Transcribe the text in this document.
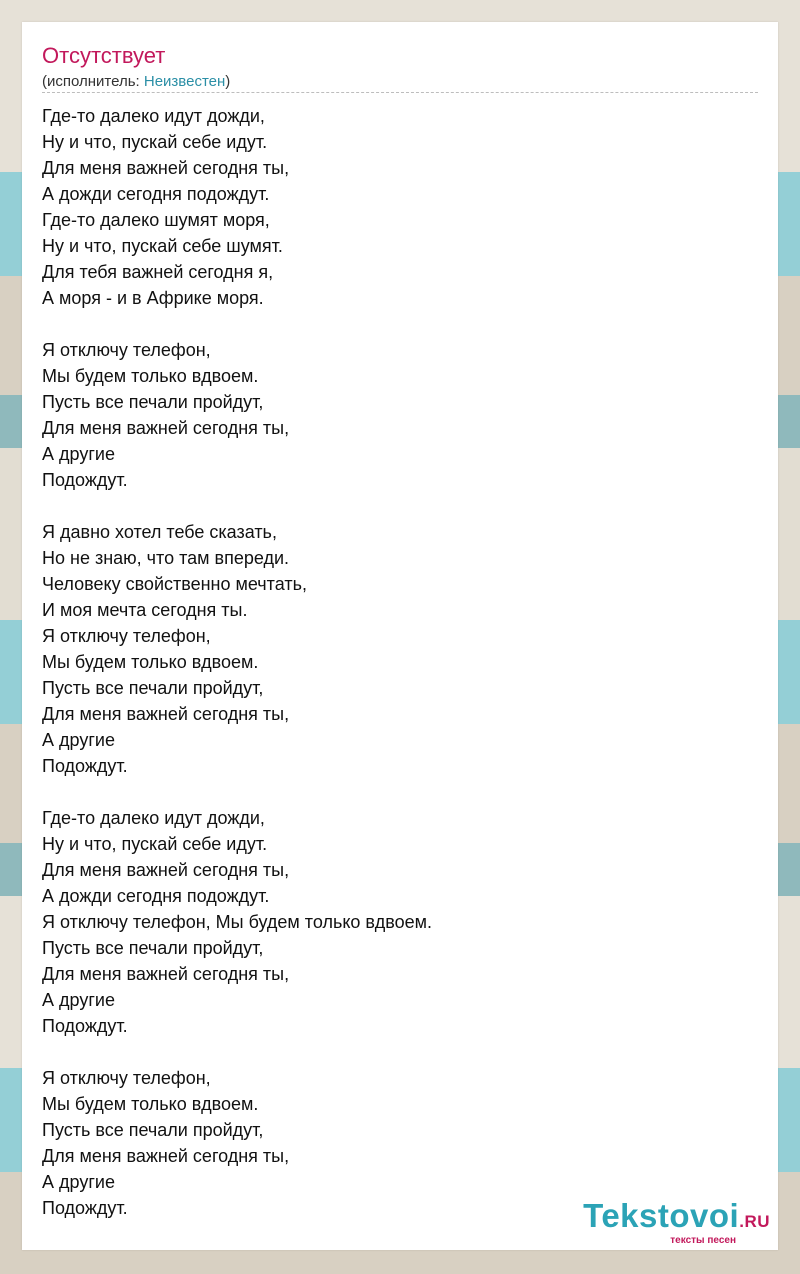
Отсутствует
(исполнитель: Неизвестен)
Где-то далеко идут дожди,
Ну и что, пускай себе идут.
Для меня важней сегодня ты,
А дожди сегодня подождут.
Где-то далеко шумят моря,
Ну и что, пускай себе шумят.
Для тебя важней сегодня я,
А моря - и в Африке моря.

Я отключу телефон,
Мы будем только вдвоем.
Пусть все печали пройдут,
Для меня важней сегодня ты,
А другие
Подождут.

Я давно хотел тебе сказать,
Но не знаю, что там впереди.
Человеку свойственно мечтать,
И моя мечта сегодня ты.
Я отключу телефон,
Мы будем только вдвоем.
Пусть все печали пройдут,
Для меня важней сегодня ты,
А другие
Подождут.

Где-то далеко идут дожди,
Ну и что, пускай себе идут.
Для меня важней сегодня ты,
А дожди сегодня подождут.
Я отключу телефон, Мы будем только вдвоем.
Пусть все печали пройдут,
Для меня важней сегодня ты,
А другие
Подождут.

Я отключу телефон,
Мы будем только вдвоем.
Пусть все печали пройдут,
Для меня важней сегодня ты,
А другие
Подождут.	Tekstovoi.RU
тексты песен
